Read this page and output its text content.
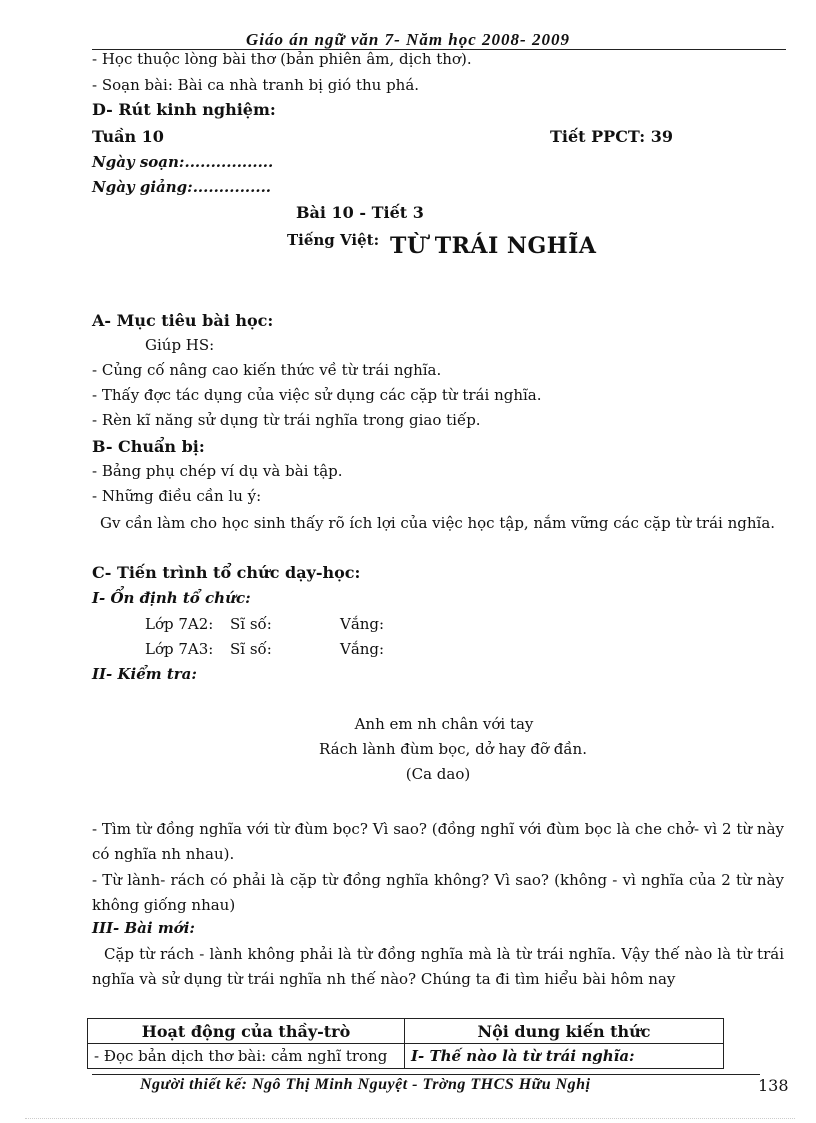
Giáo án ngữ văn 7- Năm học 2008- 2009
- Học thuộc lòng bài thơ (bản phiên âm, dịch thơ).
- Soạn bài: Bài ca nhà tranh bị gió thu phá.
D- Rút kinh nghiệm:
Tuần 10	Tiết PPCT: 39
Ngày soạn:.................
Ngày giảng:...............
Bài 10 - Tiết 3
Tiếng Việt: TỪ TRÁI NGHĨA
A- Mục tiêu bài học:
Giúp HS:
- Củng cố nâng cao kiến thức về từ trái nghĩa.
- Thấy đợc tác dụng của việc sử dụng các cặp từ trái nghĩa.
- Rèn kĩ năng sử dụng từ trái nghĩa trong giao tiếp.
B- Chuẩn bị:
- Bảng phụ chép ví dụ và bài tập.
- Những điều cần lu ý:
Gv cần làm cho học sinh thấy rõ ích lợi của việc học tập, nắm vững các cặp từ trái nghĩa.
C- Tiến trình tổ chức dạy-học:
I- Ổn định tổ chức:
Lớp 7A2: Sĩ số:	Vắng:
Lớp 7A3: Sĩ số:	Vắng:
II- Kiểm tra:
Anh em nh chân với tay
Rách lành đùm bọc, dở hay đỡ đần.
(Ca dao)
- Tìm từ đồng nghĩa với từ đùm bọc? Vì sao? (đồng nghĩ với đùm bọc là che chở- vì 2 từ này có nghĩa nh nhau).
- Từ lành- rách có phải là cặp từ đồng nghĩa không? Vì sao? (không - vì nghĩa của 2 từ này không giống nhau)
III- Bài mới:
Cặp từ rách - lành không phải là từ đồng nghĩa mà là từ trái nghĩa. Vậy thế nào là từ trái nghĩa và sử dụng từ trái nghĩa nh thế nào? Chúng ta đi tìm hiểu bài hôm nay
Hoạt động của thầy-trò	Nội dung kiến thức
- Đọc bản dịch thơ bài: cảm nghĩ trong	I- Thế nào là từ trái nghĩa:
Người thiết kế: Ngô Thị Minh Nguyệt - Trờng THCS Hữu Nghị	138
